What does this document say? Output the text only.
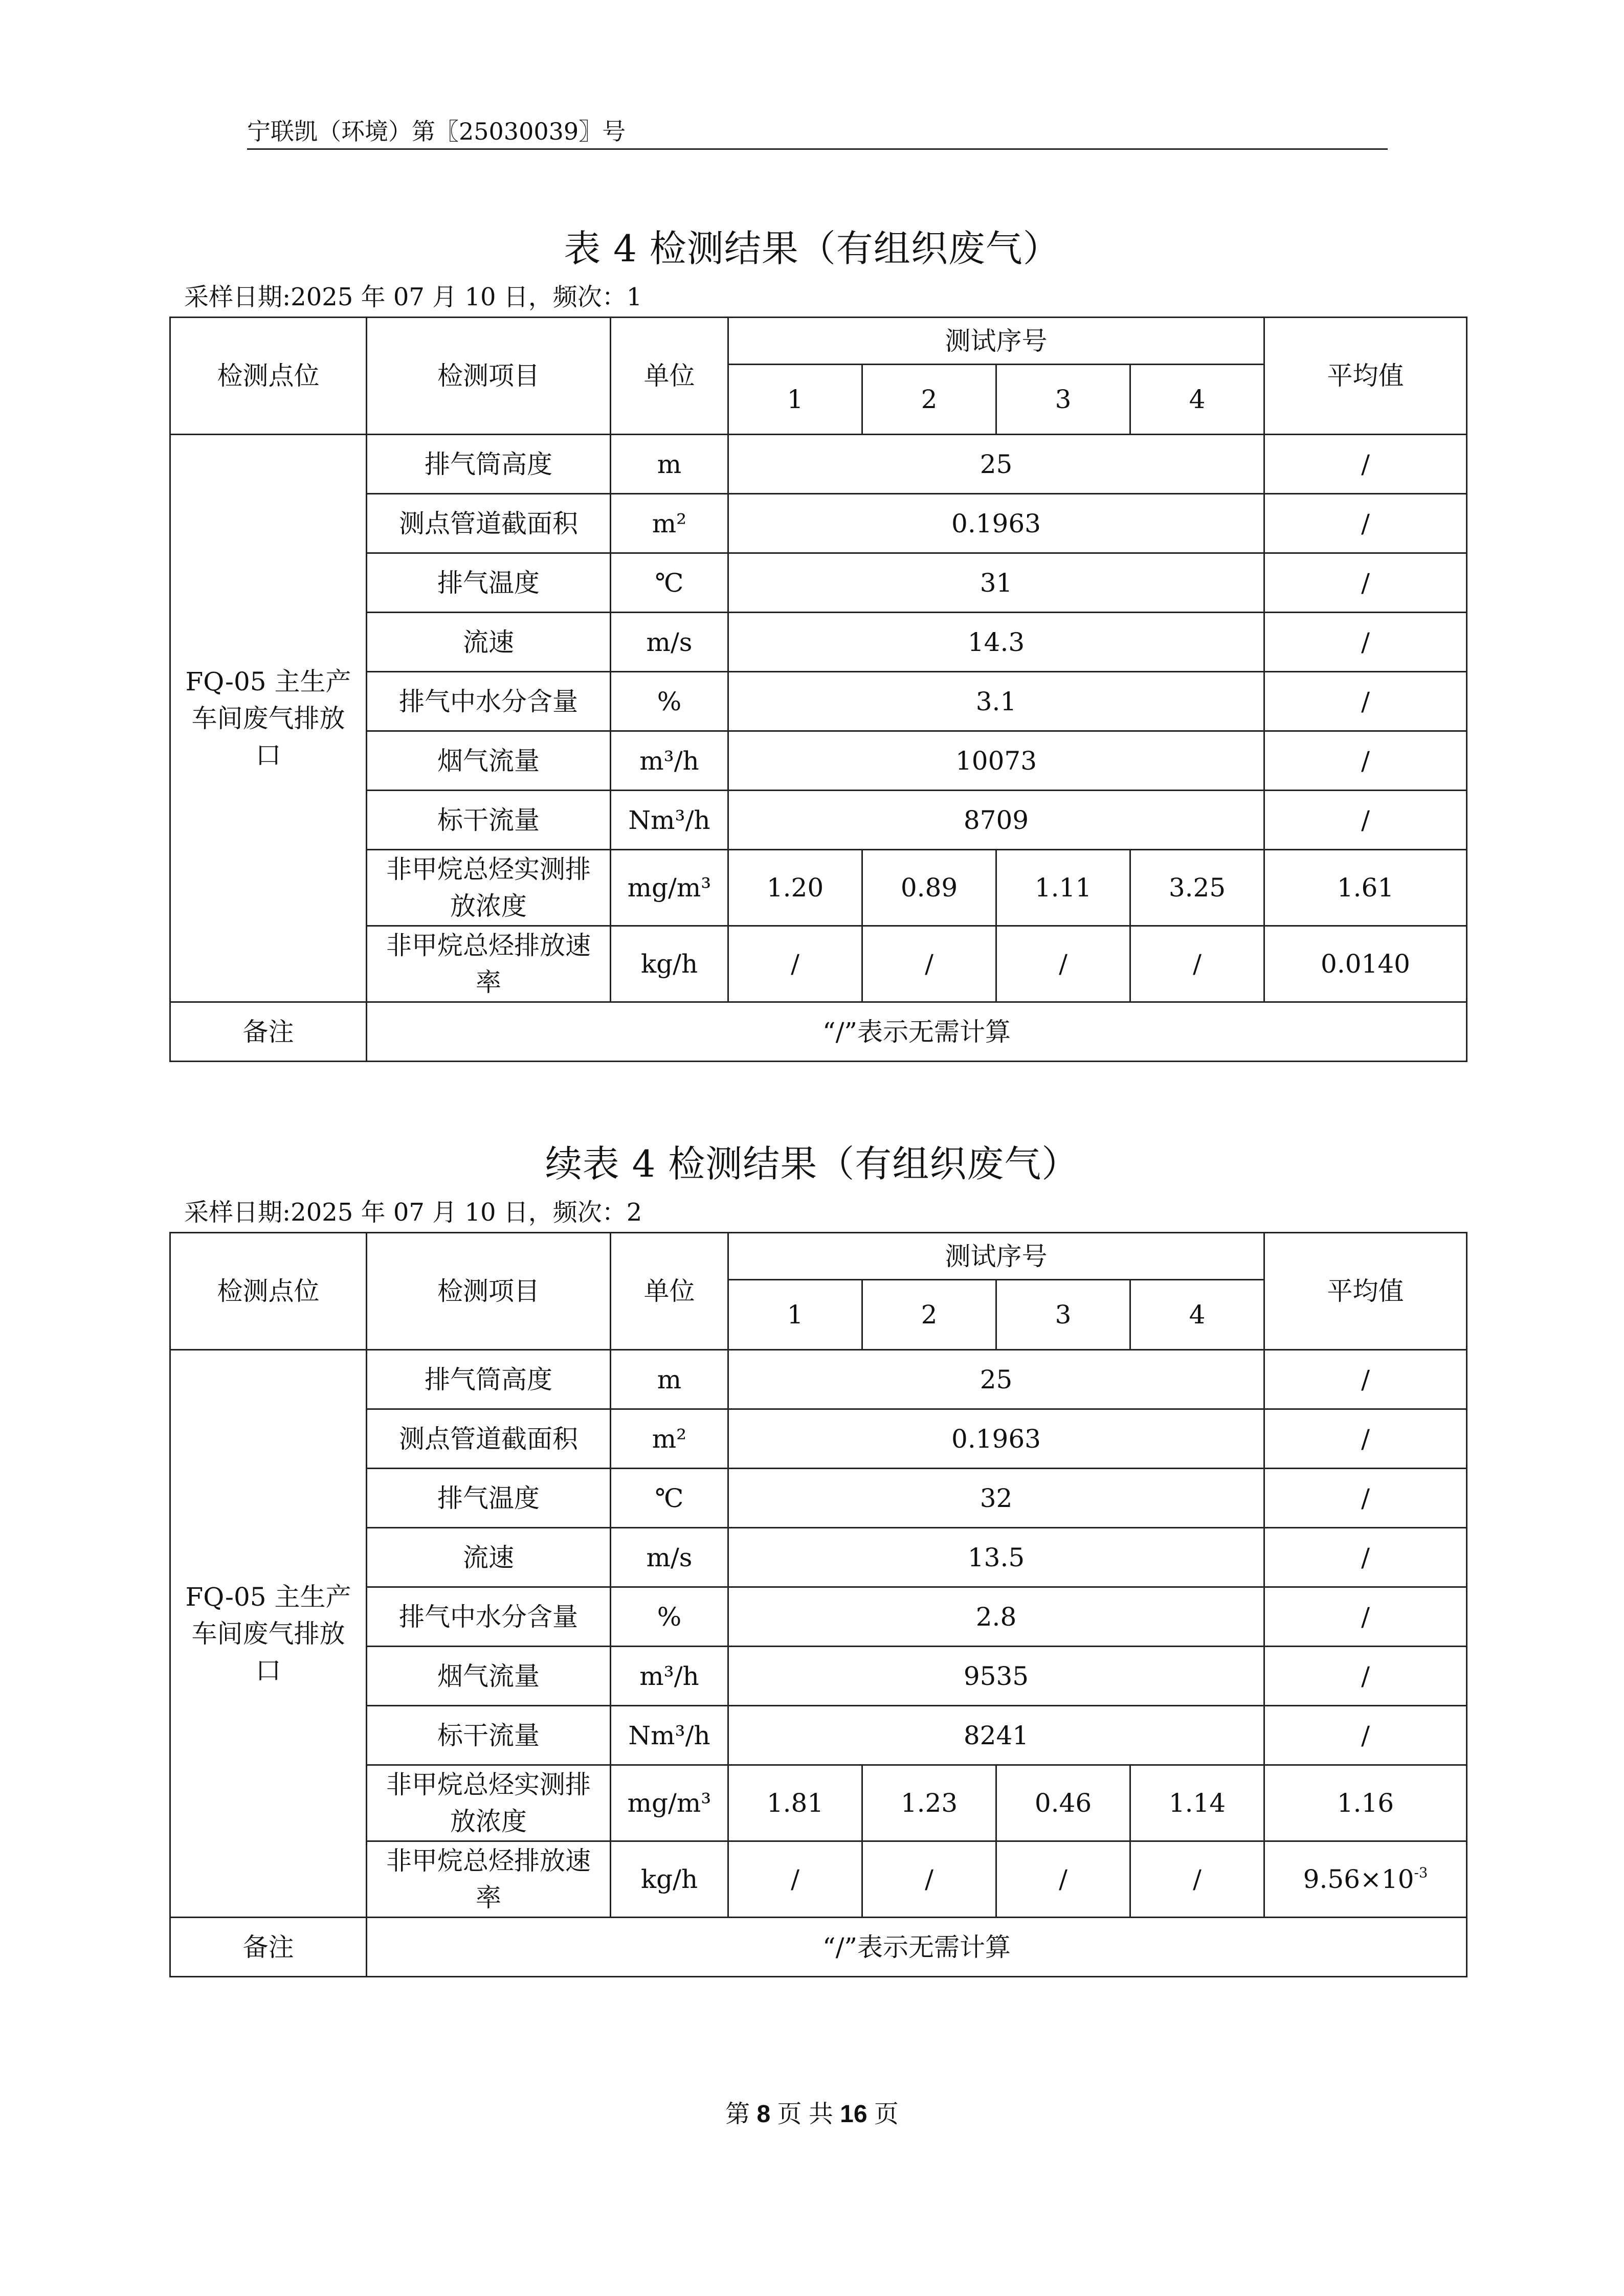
宁联凯（环境）第〖25030039〗号
表 4 检测结果（有组织废气）
采样日期:2025 年 07 月 10 日，频次：1
检测点位	检测项目	单位	测试序号				平均值
			1	2	3	4	
FQ-05 主生产车间废气排放口	排气筒高度	m	25				/
	测点管道截面积	m²	0.1963				/
	排气温度	℃	31				/
	流速	m/s	14.3				/
	排气中水分含量	%	3.1				/
	烟气流量	m³/h	10073				/
	标干流量	Nm³/h	8709				/
	非甲烷总烃实测排放浓度	mg/m³	1.20	0.89	1.11	3.25	1.61
	非甲烷总烃排放速率	kg/h	/	/	/	/	0.0140
备注	“/”表示无需计算						
续表 4 检测结果（有组织废气）
采样日期:2025 年 07 月 10 日，频次：2
检测点位	检测项目	单位	测试序号				平均值
			1	2	3	4	
FQ-05 主生产车间废气排放口	排气筒高度	m	25				/
	测点管道截面积	m²	0.1963				/
	排气温度	℃	32				/
	流速	m/s	13.5				/
	排气中水分含量	%	2.8				/
	烟气流量	m³/h	9535				/
	标干流量	Nm³/h	8241				/
	非甲烷总烃实测排放浓度	mg/m³	1.81	1.23	0.46	1.14	1.16
	非甲烷总烃排放速率	kg/h	/	/	/	/	$9.56\times 10^{-3}$
备注	“/”表示无需计算						
第 8 页 共 16 页
